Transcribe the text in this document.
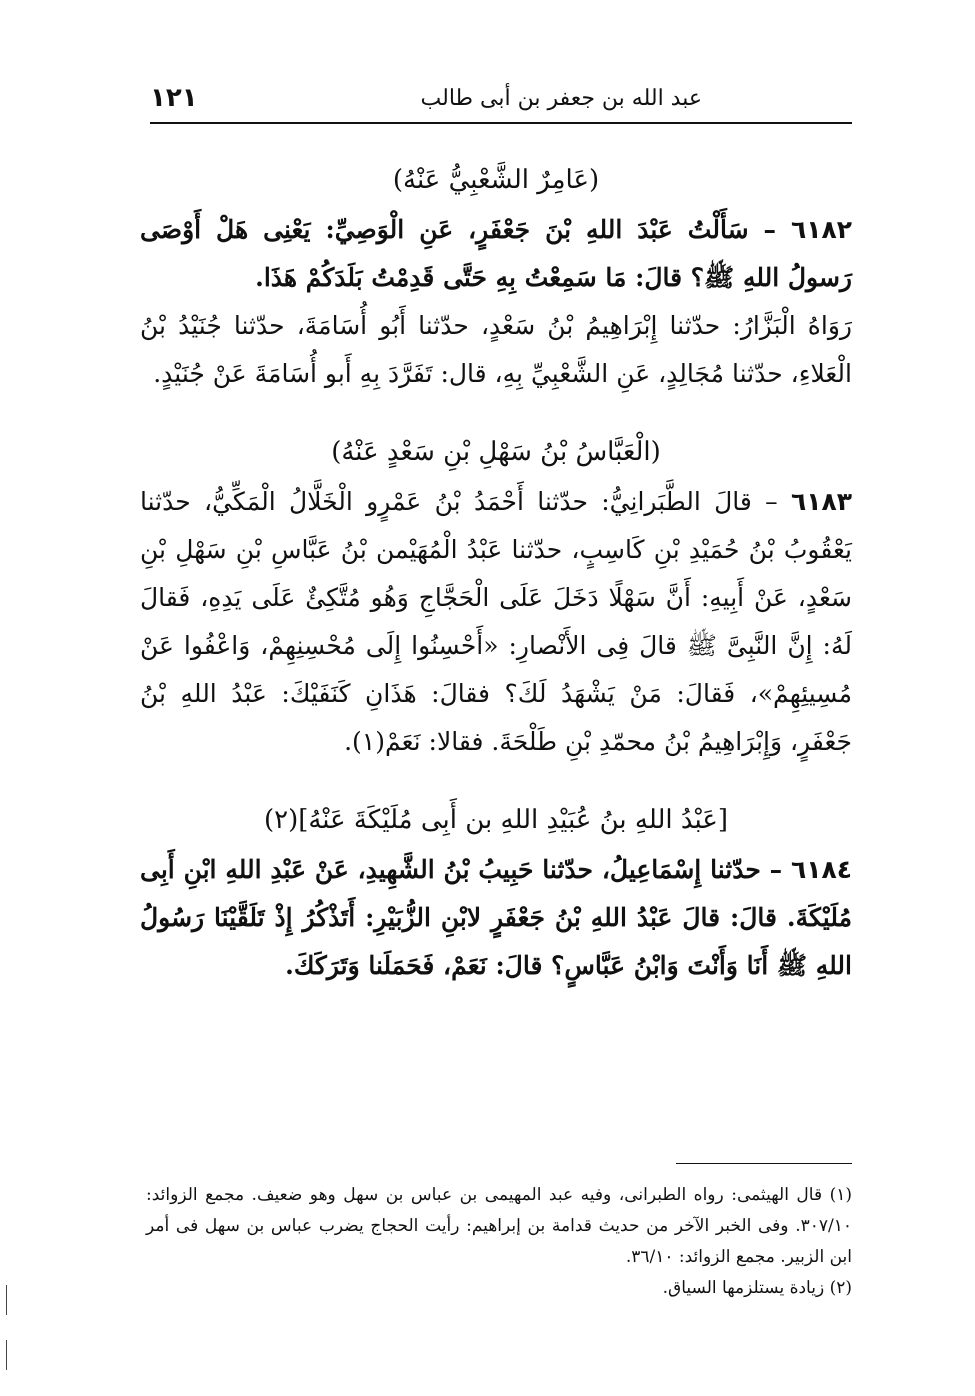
عبد الله بن جعفر بن أبى طالب
١٢١
(عَامِرٌ الشَّعْبِيُّ عَنْهُ)

٦١٨٢ – سَأَلْتُ عَبْدَ اللهِ بْنَ جَعْفَرٍ، عَنِ الْوَصِيِّ: يَعْنِى هَلْ أَوْصَى رَسولُ اللهِ ﷺ؟ قالَ: مَا سَمِعْتُ بِهِ حَتَّى قَدِمْتُ بَلَدَكُمْ هَذَا.

رَوَاهُ الْبَزَّارُ: حدّثنا إِبْرَاهِيمُ بْنُ سَعْدٍ، حدّثنا أَبُو أُسَامَةَ، حدّثنا جُنَيْدُ بْنُ الْعَلاءِ، حدّثنا مُجَالِدٍ، عَنِ الشَّعْبِيِّ بِهِ، قال: تَفَرَّدَ بِهِ أَبو أُسَامَةَ عَنْ جُنَيْدٍ.

(الْعَبَّاسُ بْنُ سَهْلِ بْنِ سَعْدٍ عَنْهُ)

٦١٨٣ – قالَ الطَّبَرانِيُّ: حدّثنا أَحْمَدُ بْنُ عَمْرٍو الْخَلَّالُ الْمَكِّيُّ، حدّثنا يَعْقُوبُ بْنُ حُمَيْدِ بْنِ كَاسِبٍ، حدّثنا عَبْدُ الْمُهَيْمن بْنُ عَبَّاسِ بْنِ سَهْلِ بْنِ سَعْدٍ، عَنْ أَبِيهِ: أَنَّ سَهْلًا دَخَلَ عَلَى الْحَجَّاجِ وَهُو مُتَّكِئٌ عَلَى يَدِهِ، فَقالَ لَهُ: إِنَّ النَّبِىَّ ﷺ قالَ فِى الأَنْصارِ: «أَحْسِنُوا إِلَى مُحْسِنِهِمْ، وَاعْفُوا عَنْ مُسِيئِهِمْ»، فَقالَ: مَنْ يَشْهَدُ لَكَ؟ فقالَ: هَذَانِ كَنَفَيْكَ: عَبْدُ اللهِ بْنُ جَعْفَرٍ، وَإِبْرَاهِيمُ بْنُ محمّدِ بْنِ طَلْحَةَ. فقالا: نَعَمْ(١).

[عَبْدُ اللهِ بنُ عُبَيْدِ اللهِ بن أَبِى مُلَيْكَةَ عَنْهُ](٢)

٦١٨٤ – حدّثنا إِسْمَاعِيلُ، حدّثنا حَبِيبُ بْنُ الشَّهِيدِ، عَنْ عَبْدِ اللهِ ابْنِ أَبِى مُلَيْكَةَ. قالَ: قالَ عَبْدُ اللهِ بْنُ جَعْفَرٍ لابْنِ الزُّبَيْرِ: أَتَذْكُرُ إِذْ تَلَقَّيْنَا رَسُولُ اللهِ ﷺ أَنَا وَأَنْتَ وَابْنُ عَبَّاسٍ؟ قالَ: نَعَمْ، فَحَمَلَنا وَتَرَكَكَ.

(١) قال الهيثمى: رواه الطبرانى، وفيه عبد المهيمى بن عباس بن سهل وهو ضعيف. مجمع الزوائد: ٣٠٧/١٠. وفى الخبر الآخر من حديث قدامة بن إبراهيم: رأيت الحجاج يضرب عباس بن سهل فى أمر ابن الزبير. مجمع الزوائد: ٣٦/١٠.

(٢) زيادة يستلزمها السياق.
